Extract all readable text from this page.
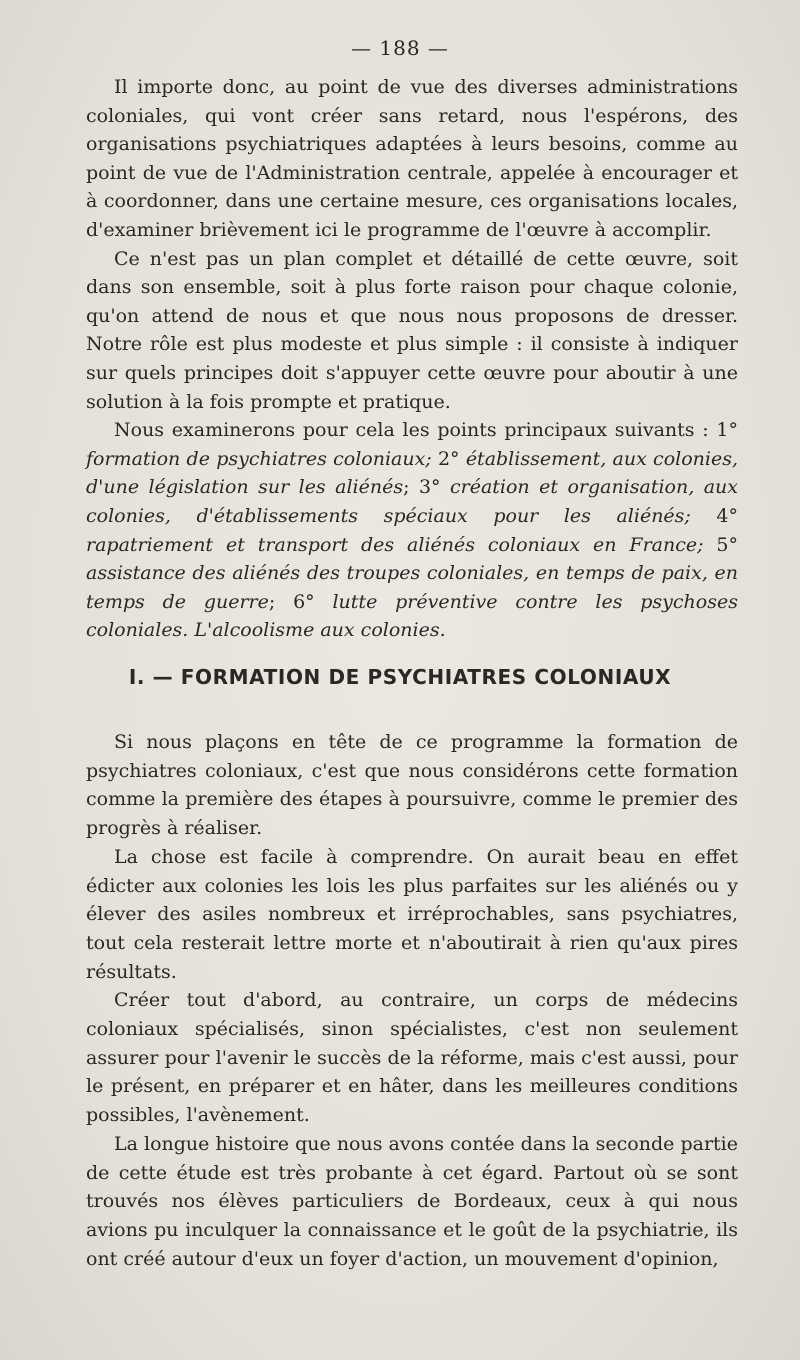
— 188 —

Il importe donc, au point de vue des diverses administrations coloniales, qui vont créer sans retard, nous l'espérons, des organisations psychiatriques adaptées à leurs besoins, comme au point de vue de l'Administration centrale, appelée à encourager et à coordonner, dans une certaine mesure, ces organisations locales, d'examiner brièvement ici le programme de l'œuvre à accomplir.

Ce n'est pas un plan complet et détaillé de cette œuvre, soit dans son ensemble, soit à plus forte raison pour chaque colonie, qu'on attend de nous et que nous nous proposons de dresser. Notre rôle est plus modeste et plus simple : il consiste à indiquer sur quels principes doit s'appuyer cette œuvre pour aboutir à une solution à la fois prompte et pratique.

Nous examinerons pour cela les points principaux suivants : 1° formation de psychiatres coloniaux; 2° établissement, aux colonies, d'une législation sur les aliénés; 3° création et organisation, aux colonies, d'établissements spéciaux pour les aliénés; 4° rapatriement et transport des aliénés coloniaux en France; 5° assistance des aliénés des troupes coloniales, en temps de paix, en temps de guerre; 6° lutte préventive contre les psychoses coloniales. L'alcoolisme aux colonies.

I. — FORMATION DE PSYCHIATRES COLONIAUX

Si nous plaçons en tête de ce programme la formation de psychiatres coloniaux, c'est que nous considérons cette formation comme la première des étapes à poursuivre, comme le premier des progrès à réaliser.

La chose est facile à comprendre. On aurait beau en effet édicter aux colonies les lois les plus parfaites sur les aliénés ou y élever des asiles nombreux et irréprochables, sans psychiatres, tout cela resterait lettre morte et n'aboutirait à rien qu'aux pires résultats.

Créer tout d'abord, au contraire, un corps de médecins coloniaux spécialisés, sinon spécialistes, c'est non seulement assurer pour l'avenir le succès de la réforme, mais c'est aussi, pour le présent, en préparer et en hâter, dans les meilleures conditions possibles, l'avènement.

La longue histoire que nous avons contée dans la seconde partie de cette étude est très probante à cet égard. Partout où se sont trouvés nos élèves particuliers de Bordeaux, ceux à qui nous avions pu inculquer la connaissance et le goût de la psychiatrie, ils ont créé autour d'eux un foyer d'action, un mouvement d'opinion,
